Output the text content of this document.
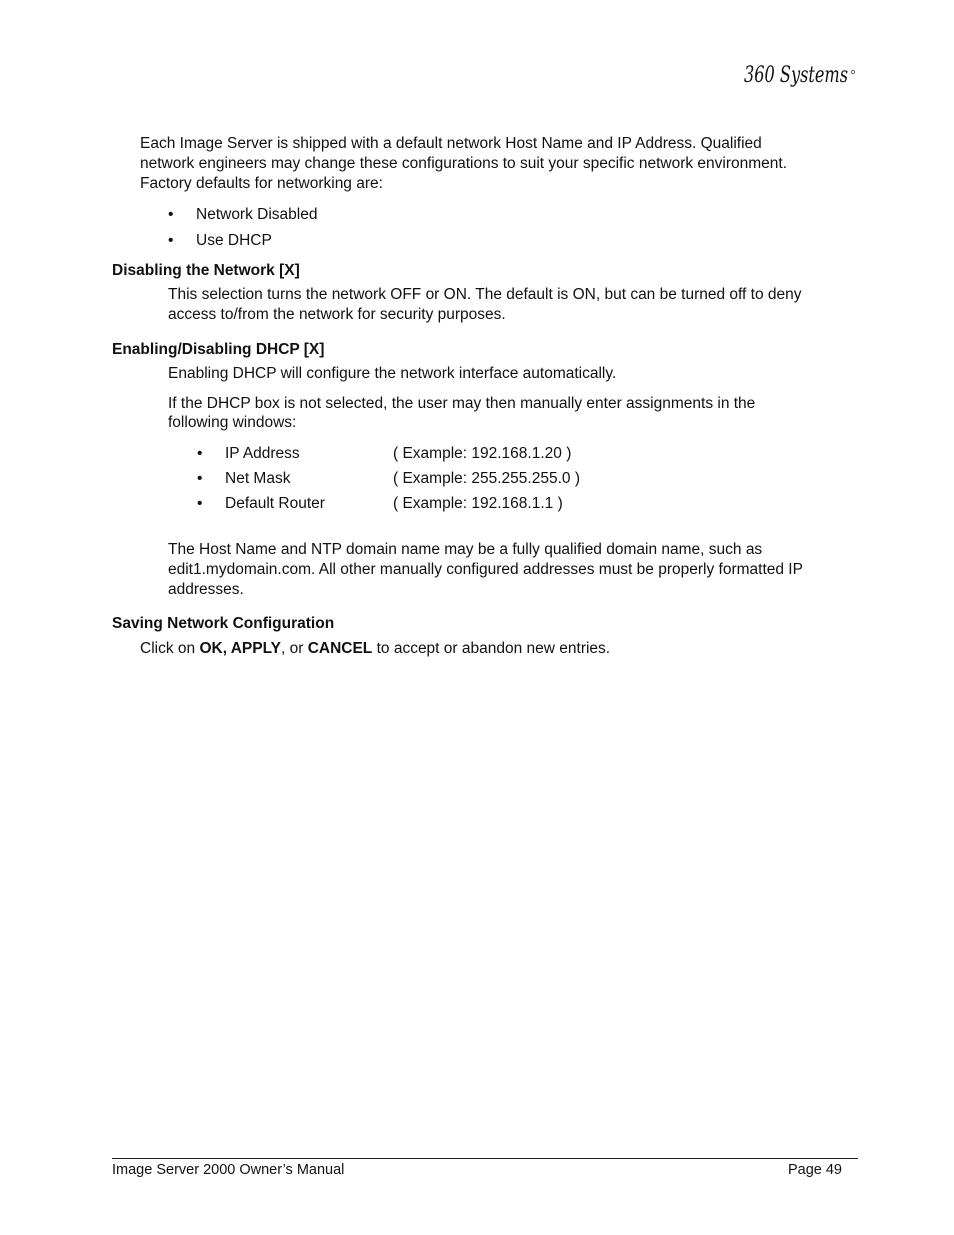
360 Systems
Each Image Server is shipped with a default network Host Name and IP Address. Qualified
network engineers may change these configurations to suit your specific network environment.
Factory defaults for networking are:
• Network Disabled
• Use DHCP
Disabling the Network [X]
This selection turns the network OFF or ON. The default is ON, but can be turned off to deny
access to/from the network for security purposes.
Enabling/Disabling DHCP [X]
Enabling DHCP will configure the network interface automatically.
If the DHCP box is not selected, the user may then manually enter assignments in the
following windows:
• IP Address	( Example: 192.168.1.20 )
• Net Mask	( Example: 255.255.255.0 )
• Default Router	( Example: 192.168.1.1 )
The Host Name and NTP domain name may be a fully qualified domain name, such as
edit1.mydomain.com. All other manually configured addresses must be properly formatted IP
addresses.
Saving Network Configuration
Click on OK, APPLY, or CANCEL to accept or abandon new entries.
Image Server 2000 Owner’s Manual	Page 49
